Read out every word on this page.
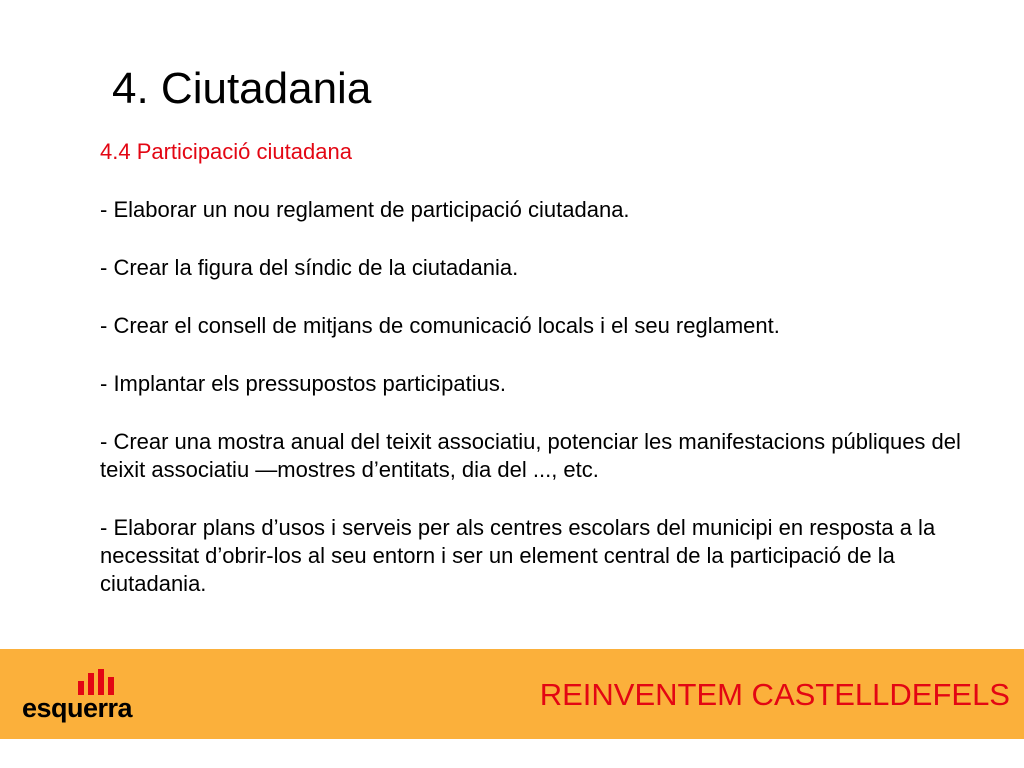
4. Ciutadania

4.4 Participació ciutadana

- Elaborar un nou reglament de participació ciutadana.

- Crear la figura del síndic de la ciutadania.

- Crear el consell de mitjans de comunicació locals i el seu reglament.

- Implantar els pressupostos participatius.

- Crear una mostra anual del teixit associatiu, potenciar les manifestacions públiques del teixit associatiu —mostres d’entitats, dia del ..., etc.

- Elaborar plans d’usos i serveis per als centres escolars del municipi en resposta a la necessitat d’obrir-los al seu entorn i ser un element central de la participació de la ciutadania.

esquerra	REINVENTEM CASTELLDEFELS
